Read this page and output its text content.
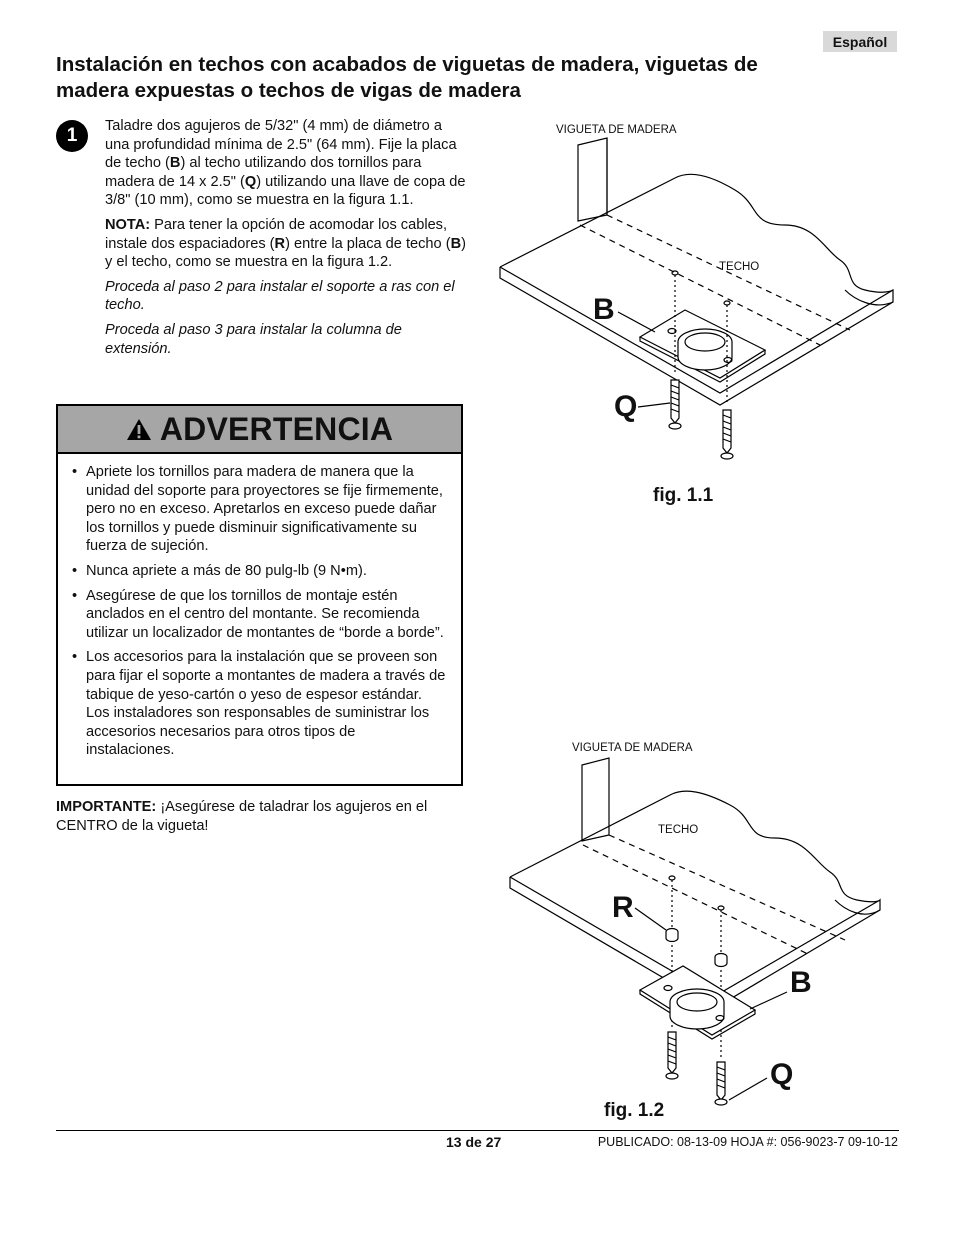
Español
Instalación en techos con acabados de viguetas de madera, viguetas de madera expuestas o techos de vigas de madera
1	Taladre dos agujeros de 5/32" (4 mm) de diámetro a una profundidad mínima de 2.5" (64 mm). Fije la placa de techo (B) al techo utilizando dos tornillos para madera de 14 x 2.5" (Q) utilizando una llave de copa de 3/8" (10 mm), como se muestra en la figura 1.1.

NOTA: Para tener la opción de acomodar los cables, instale dos espaciadores (R) entre la placa de techo (B) y el techo, como se muestra en la figura 1.2.

Proceda al paso 2 para instalar el soporte a ras con el techo.

Proceda al paso 3 para instalar la columna de extensión.

ADVERTENCIA
• Apriete los tornillos para madera de manera que la unidad del soporte para proyectores se fije firmemente, pero no en exceso. Apretarlos en exceso puede dañar los tornillos y puede disminuir significativamente su fuerza de sujeción.
• Nunca apriete a más de 80 pulg-lb (9 N•m).
• Asegúrese de que los tornillos de montaje estén anclados en el centro del montante. Se recomienda utilizar un localizador de montantes de “borde a borde”.
• Los accesorios para la instalación que se proveen son para fijar el soporte a montantes de madera a través de tabique de yeso-cartón o yeso de espesor estándar. Los instaladores son responsables de suministrar los accesorios necesarios para otros tipos de instalaciones.

IMPORTANTE: ¡Asegúrese de taladrar los agujeros en el CENTRO de la vigueta!

VIGUETA DE MADERA
TECHO
B
Q
fig. 1.1
VIGUETA DE MADERA
TECHO
R
B
Q
fig. 1.2
13 de 27	PUBLICADO: 08-13-09 HOJA #: 056-9023-7 09-10-12
